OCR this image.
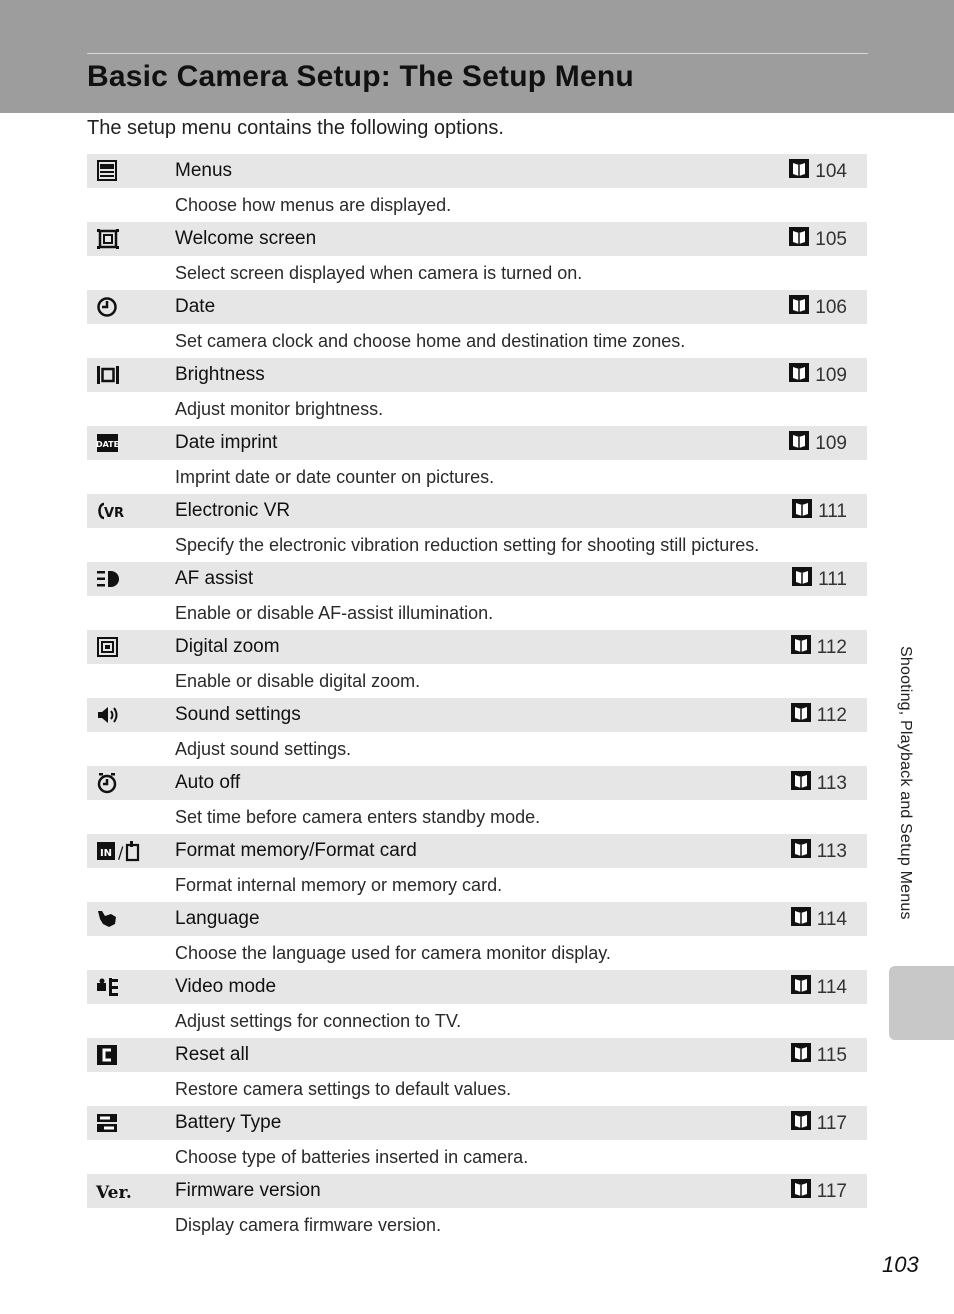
Basic Camera Setup: The Setup Menu
The setup menu contains the following options.
Menus	104
Choose how menus are displayed.
Welcome screen	105
Select screen displayed when camera is turned on.
Date	106
Set camera clock and choose home and destination time zones.
Brightness	109
Adjust monitor brightness.
DATE	Date imprint	109
Imprint date or date counter on pictures.
VR	Electronic VR	111
Specify the electronic vibration reduction setting for shooting still pictures.
AF assist	111
Enable or disable AF-assist illumination.
Digital zoom	112
Enable or disable digital zoom.
Sound settings	112
Adjust sound settings.
Auto off	113
Set time before camera enters standby mode.
IN /	Format memory/Format card	113
Format internal memory or memory card.
Language	114
Choose the language used for camera monitor display.
Video mode	114
Adjust settings for connection to TV.
Reset all	115
Restore camera settings to default values.
Battery Type	117
Choose type of batteries inserted in camera.
Ver. Firmware version	117
Display camera firmware version.
Shooting, Playback and Setup Menus
103
